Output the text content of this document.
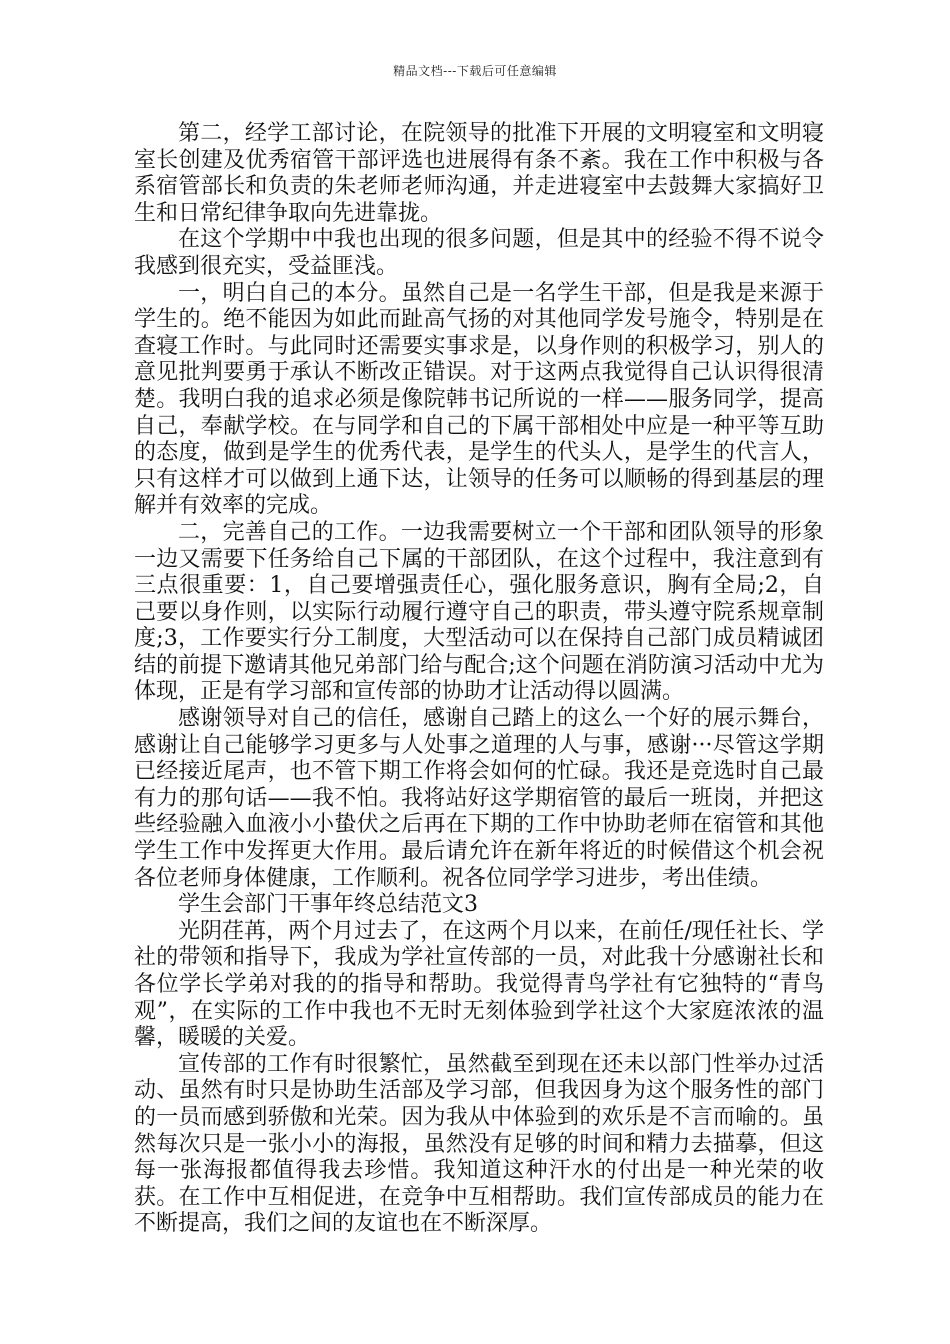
精品文档---下载后可任意编辑

第二，经学工部讨论，在院领导的批准下开展的文明寝室和文明寝室长创建及优秀宿管干部评选也进展得有条不紊。我在工作中积极与各系宿管部长和负责的朱老师老师沟通，并走进寝室中去鼓舞大家搞好卫生和日常纪律争取向先进靠拢。

在这个学期中中我也出现的很多问题，但是其中的经验不得不说令我感到很充实，受益匪浅。

一，明白自己的本分。虽然自己是一名学生干部，但是我是来源于学生的。绝不能因为如此而趾高气扬的对其他同学发号施令，特别是在查寝工作时。与此同时还需要实事求是，以身作则的积极学习，别人的意见批判要勇于承认不断改正错误。对于这两点我觉得自己认识得很清楚。我明白我的追求必须是像院韩书记所说的一样——服务同学，提高自己，奉献学校。在与同学和自己的下属干部相处中应是一种平等互助的态度，做到是学生的优秀代表，是学生的代头人，是学生的代言人，只有这样才可以做到上通下达，让领导的任务可以顺畅的得到基层的理解并有效率的完成。

二，完善自己的工作。一边我需要树立一个干部和团队领导的形象一边又需要下任务给自己下属的干部团队，在这个过程中，我注意到有三点很重要：1，自己要增强责任心，强化服务意识，胸有全局;2，自己要以身作则，以实际行动履行遵守自己的职责，带头遵守院系规章制度;3，工作要实行分工制度，大型活动可以在保持自己部门成员精诚团结的前提下邀请其他兄弟部门给与配合;这个问题在消防演习活动中尤为体现，正是有学习部和宣传部的协助才让活动得以圆满。

感谢领导对自己的信任，感谢自己踏上的这么一个好的展示舞台，感谢让自己能够学习更多与人处事之道理的人与事，感谢···尽管这学期已经接近尾声，也不管下期工作将会如何的忙碌。我还是竞选时自己最有力的那句话——我不怕。我将站好这学期宿管的最后一班岗，并把这些经验融入血液小小蛰伏之后再在下期的工作中协助老师在宿管和其他学生工作中发挥更大作用。最后请允许在新年将近的时候借这个机会祝各位老师身体健康，工作顺利。祝各位同学学习进步，考出佳绩。

学生会部门干事年终总结范文3

光阴荏苒，两个月过去了，在这两个月以来，在前任/现任社长、学社的带领和指导下，我成为学社宣传部的一员，对此我十分感谢社长和各位学长学弟对我的的指导和帮助。我觉得青鸟学社有它独特的“青鸟观”，在实际的工作中我也不无时无刻体验到学社这个大家庭浓浓的温馨，暖暖的关爱。

宣传部的工作有时很繁忙，虽然截至到现在还未以部门性举办过活动、虽然有时只是协助生活部及学习部，但我因身为这个服务性的部门的一员而感到骄傲和光荣。因为我从中体验到的欢乐是不言而喻的。虽然每次只是一张小小的海报，虽然没有足够的时间和精力去描摹，但这每一张海报都值得我去珍惜。我知道这种汗水的付出是一种光荣的收获。在工作中互相促进，在竞争中互相帮助。我们宣传部成员的能力在不断提高，我们之间的友谊也在不断深厚。
